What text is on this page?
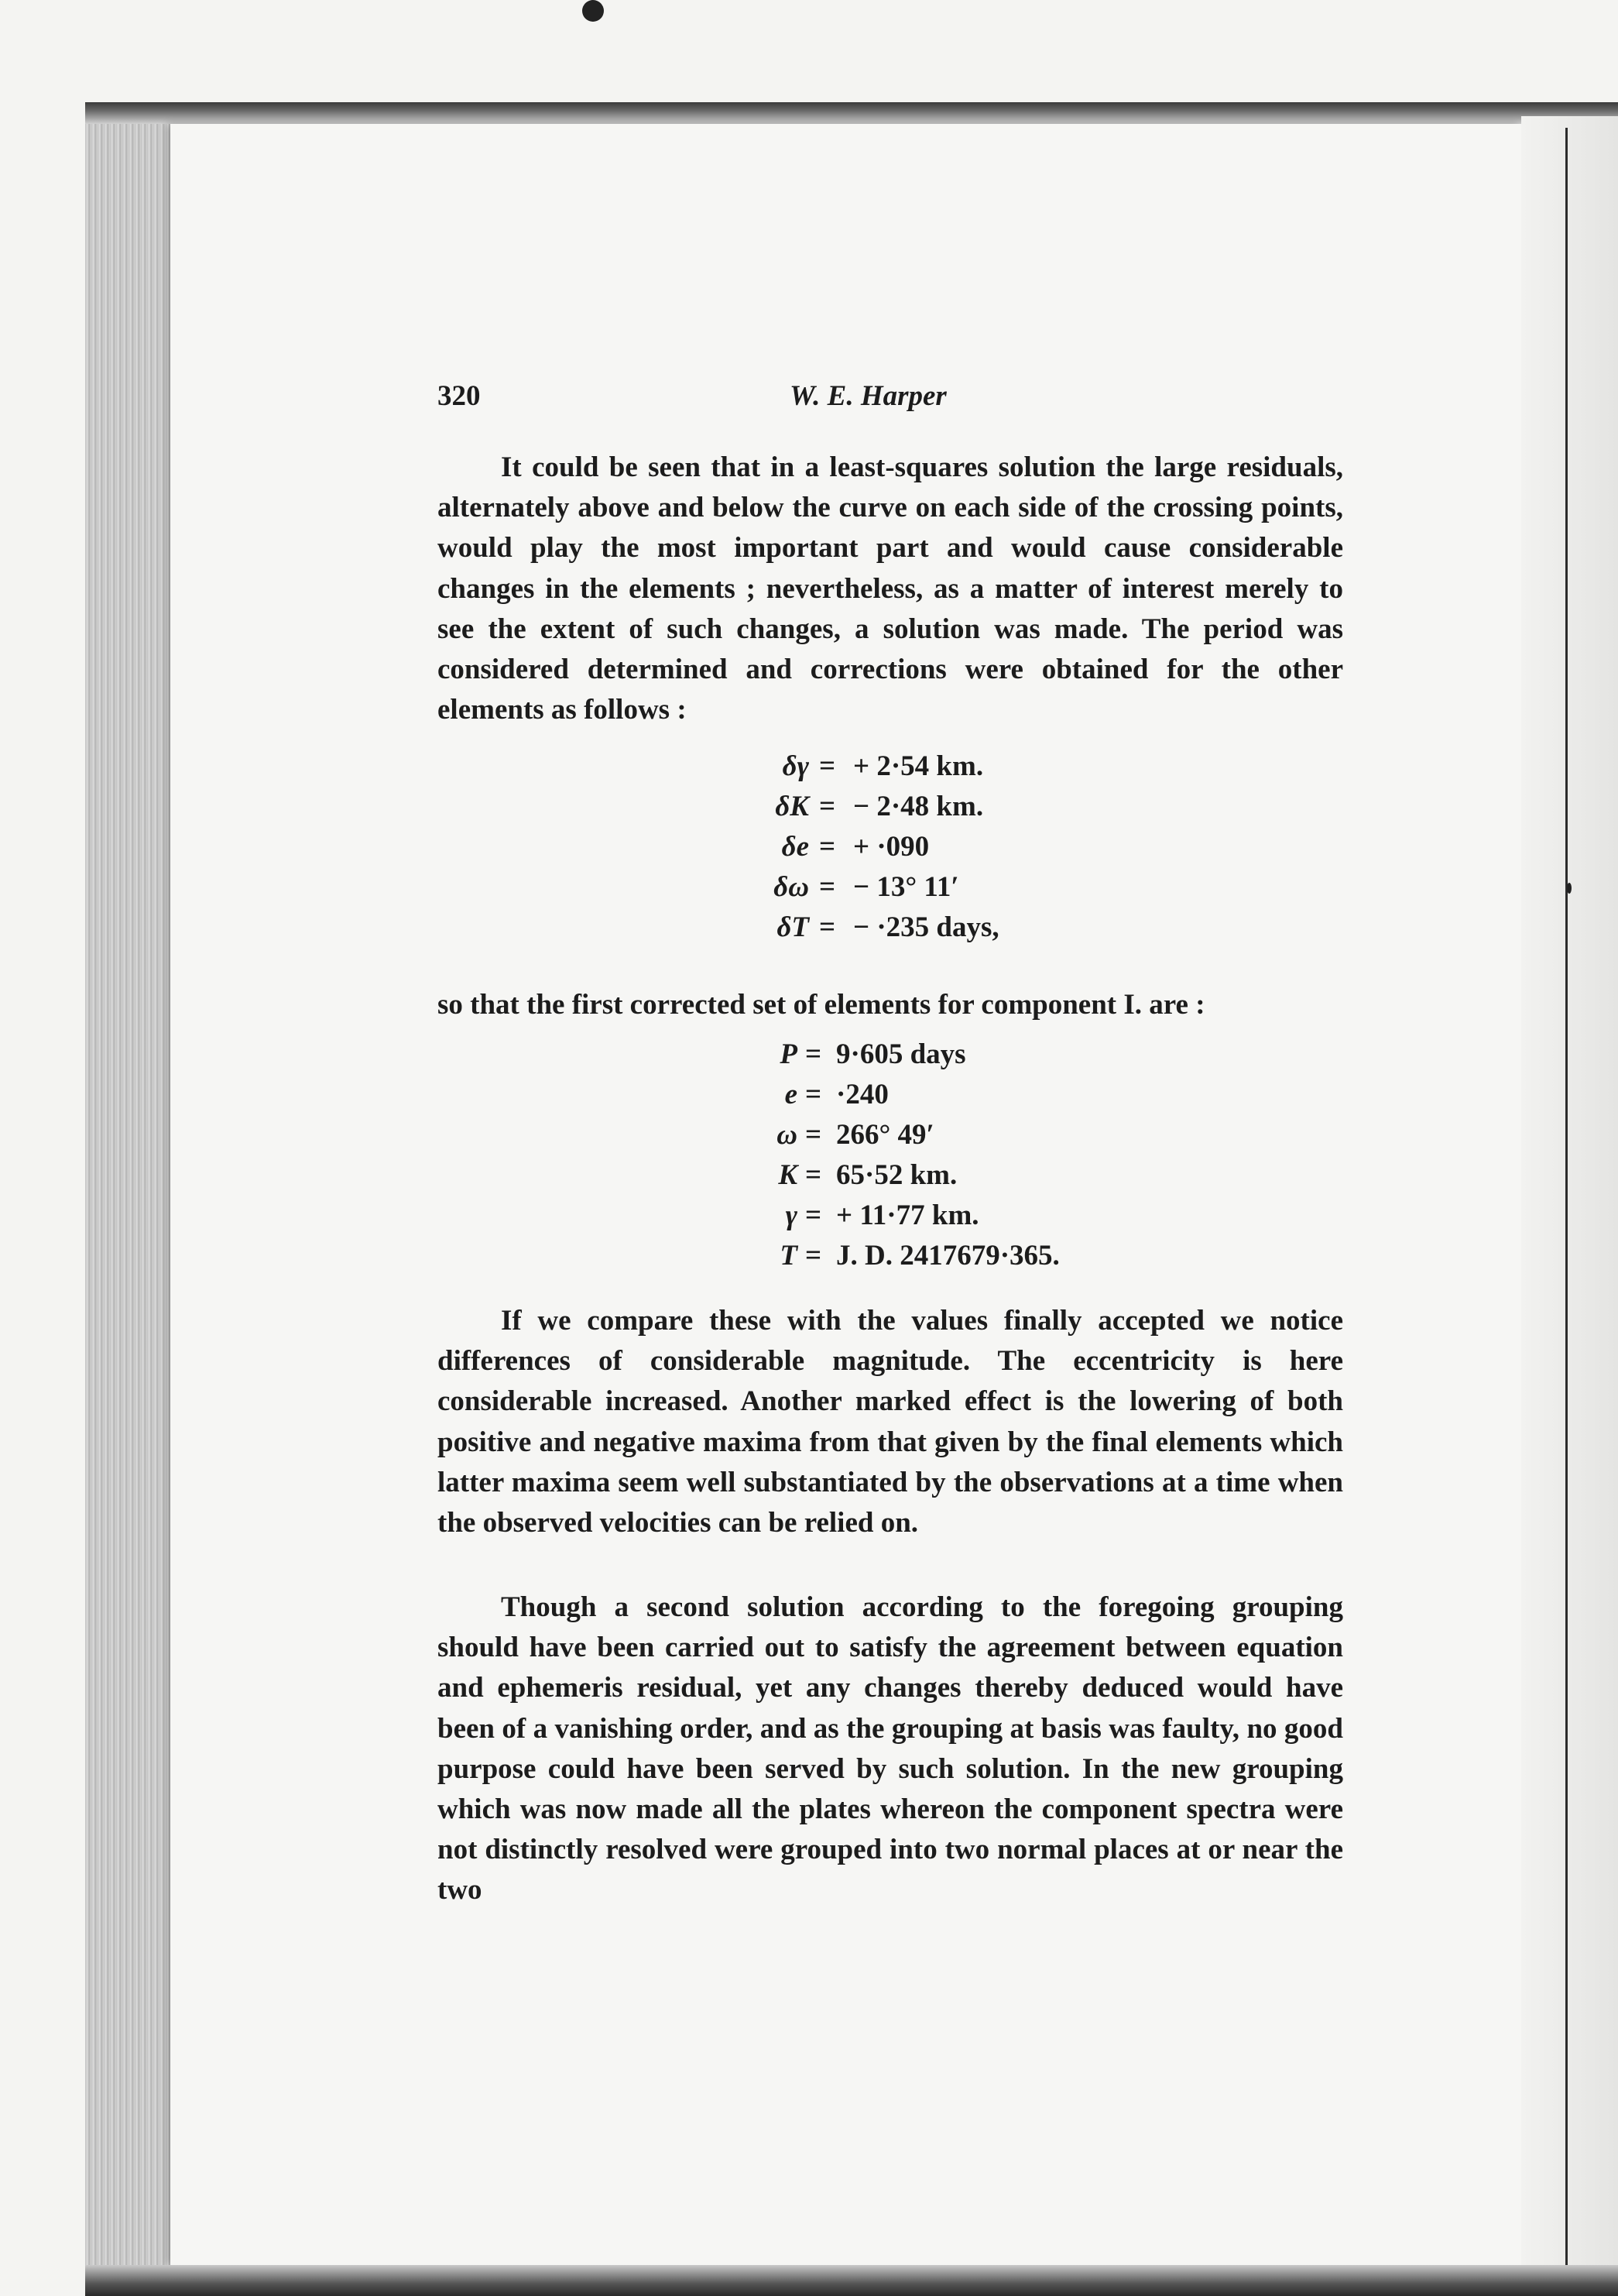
320	W. E. Harper

It could be seen that in a least-squares solution the large residuals, alternately above and below the curve on each side of the crossing points, would play the most important part and would cause considerable changes in the elements ; nevertheless, as a matter of interest merely to see the extent of such changes, a solution was made. The period was considered determined and corrections were obtained for the other elements as follows :

δγ = + 2·54 km.
δK = − 2·48 km.
δe = + ·090
δω = − 13° 11′
δT = − ·235 days,

so that the first corrected set of elements for component I. are :

P = 9·605 days
e = ·240
ω = 266° 49′
K = 65·52 km.
γ = + 11·77 km.
T = J. D. 2417679·365.

If we compare these with the values finally accepted we notice differences of considerable magnitude. The eccentricity is here considerable increased. Another marked effect is the lowering of both positive and negative maxima from that given by the final elements which latter maxima seem well substantiated by the observations at a time when the observed velocities can be relied on.

Though a second solution according to the foregoing grouping should have been carried out to satisfy the agreement between equation and ephemeris residual, yet any changes thereby deduced would have been of a vanishing order, and as the grouping at basis was faulty, no good purpose could have been served by such solution. In the new grouping which was now made all the plates whereon the component spectra were not distinctly resolved were grouped into two normal places at or near the two
